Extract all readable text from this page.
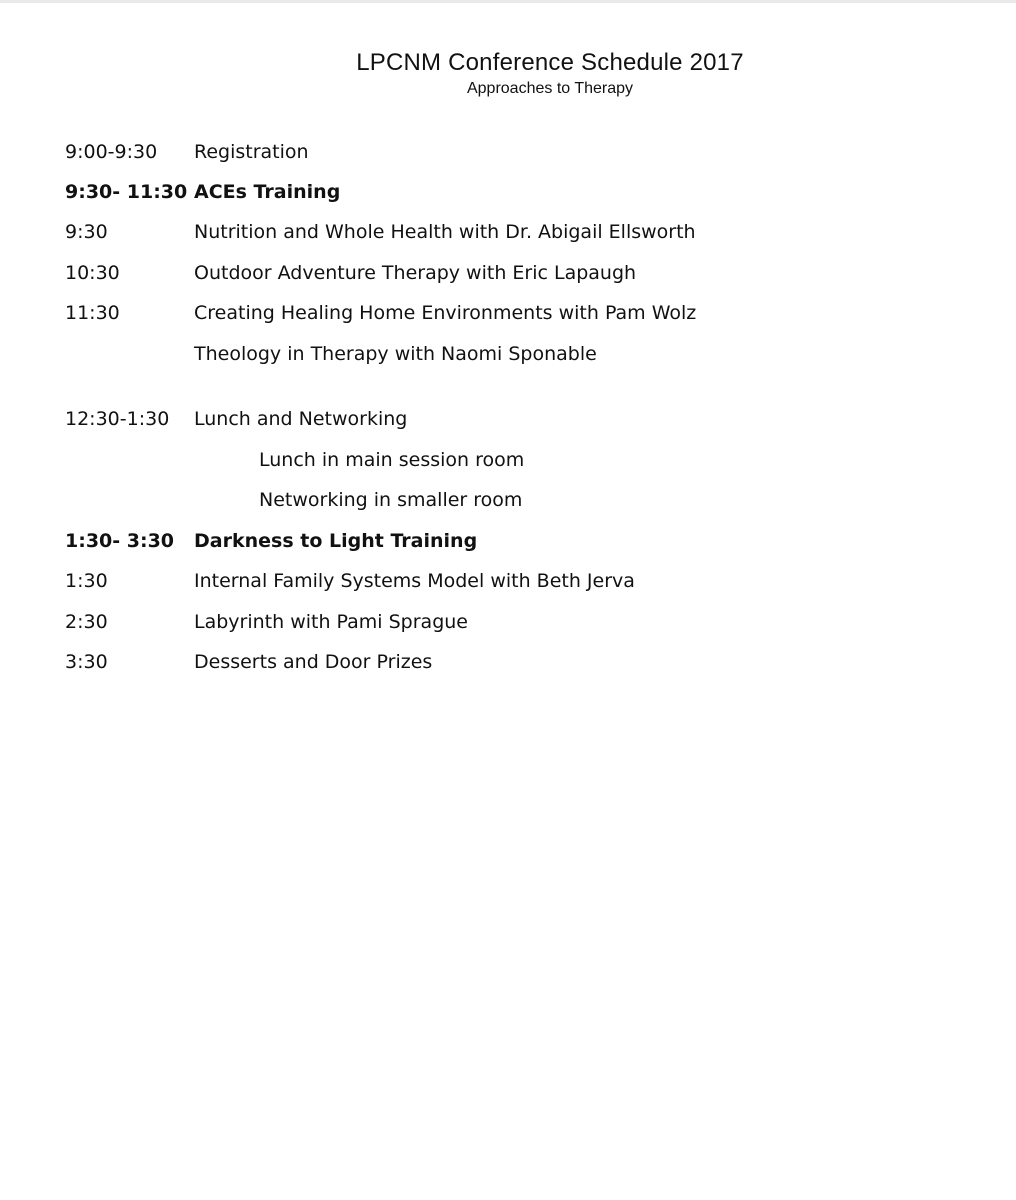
LPCNM Conference Schedule 2017
Approaches to Therapy
9:00-9:30 Registration
9:30- 11:30 ACEs Training
9:30	Nutrition and Whole Health with Dr. Abigail Ellsworth
10:30	Outdoor Adventure Therapy with Eric Lapaugh
11:30	Creating Healing Home Environments with Pam Wolz
Theology in Therapy with Naomi Sponable
12:30-1:30 Lunch and Networking
Lunch in main session room
Networking in smaller room
1:30- 3:30 Darkness to Light Training
1:30	Internal Family Systems Model with Beth Jerva
2:30	Labyrinth with Pami Sprague
3:30	Desserts and Door Prizes
